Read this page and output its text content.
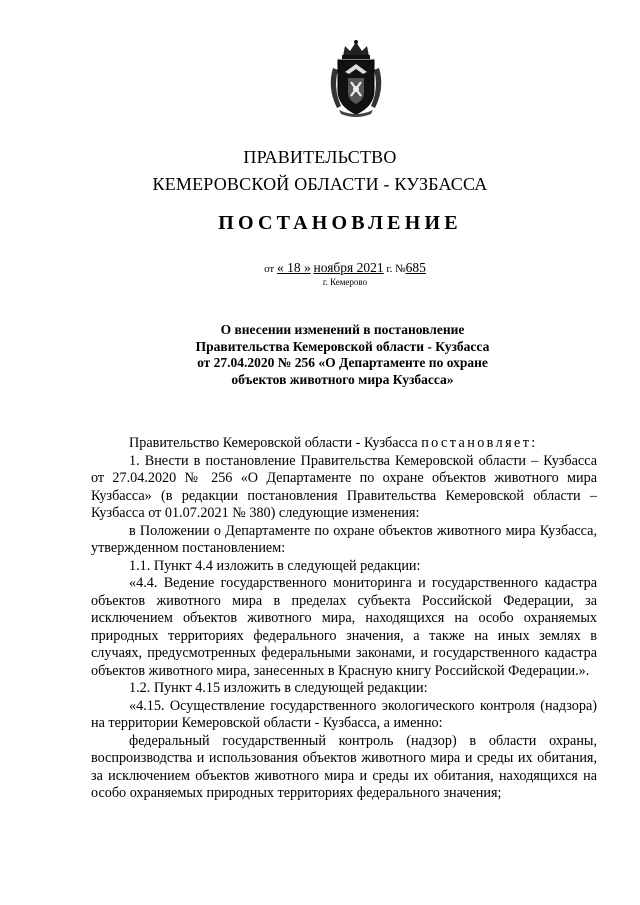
ПРАВИТЕЛЬСТВО
КЕМЕРОВСКОЙ ОБЛАСТИ - КУЗБАССА
ПОСТАНОВЛЕНИЕ
от « 18 » ноября 2021 г. №685
г. Кемерово
О внесении изменений в постановление
Правительства Кемеровской области - Кузбасса
от 27.04.2020 № 256 «О Департаменте по охране
объектов животного мира Кузбасса»

Правительство Кемеровской области - Кузбасса постановляет:

1. Внести в постановление Правительства Кемеровской области – Кузбасса от 27.04.2020 № 256 «О Департаменте по охране объектов животного мира Кузбасса» (в редакции постановления Правительства Кемеровской области – Кузбасса от 01.07.2021 № 380) следующие изменения:

в Положении о Департаменте по охране объектов животного мира Кузбасса, утвержденном постановлением:

1.1. Пункт 4.4 изложить в следующей редакции:

«4.4. Ведение государственного мониторинга и государственного кадастра объектов животного мира в пределах субъекта Российской Федерации, за исключением объектов животного мира, находящихся на особо охраняемых природных территориях федерального значения, а также на иных землях в случаях, предусмотренных федеральными законами, и государственного кадастра объектов животного мира, занесенных в Красную книгу Российской Федерации.».

1.2. Пункт 4.15 изложить в следующей редакции:

«4.15. Осуществление государственного экологического контроля (надзора) на территории Кемеровской области - Кузбасса, а именно:

федеральный государственный контроль (надзор) в области охраны, воспроизводства и использования объектов животного мира и среды их обитания, за исключением объектов животного мира и среды их обитания, находящихся на особо охраняемых природных территориях федерального значения;
